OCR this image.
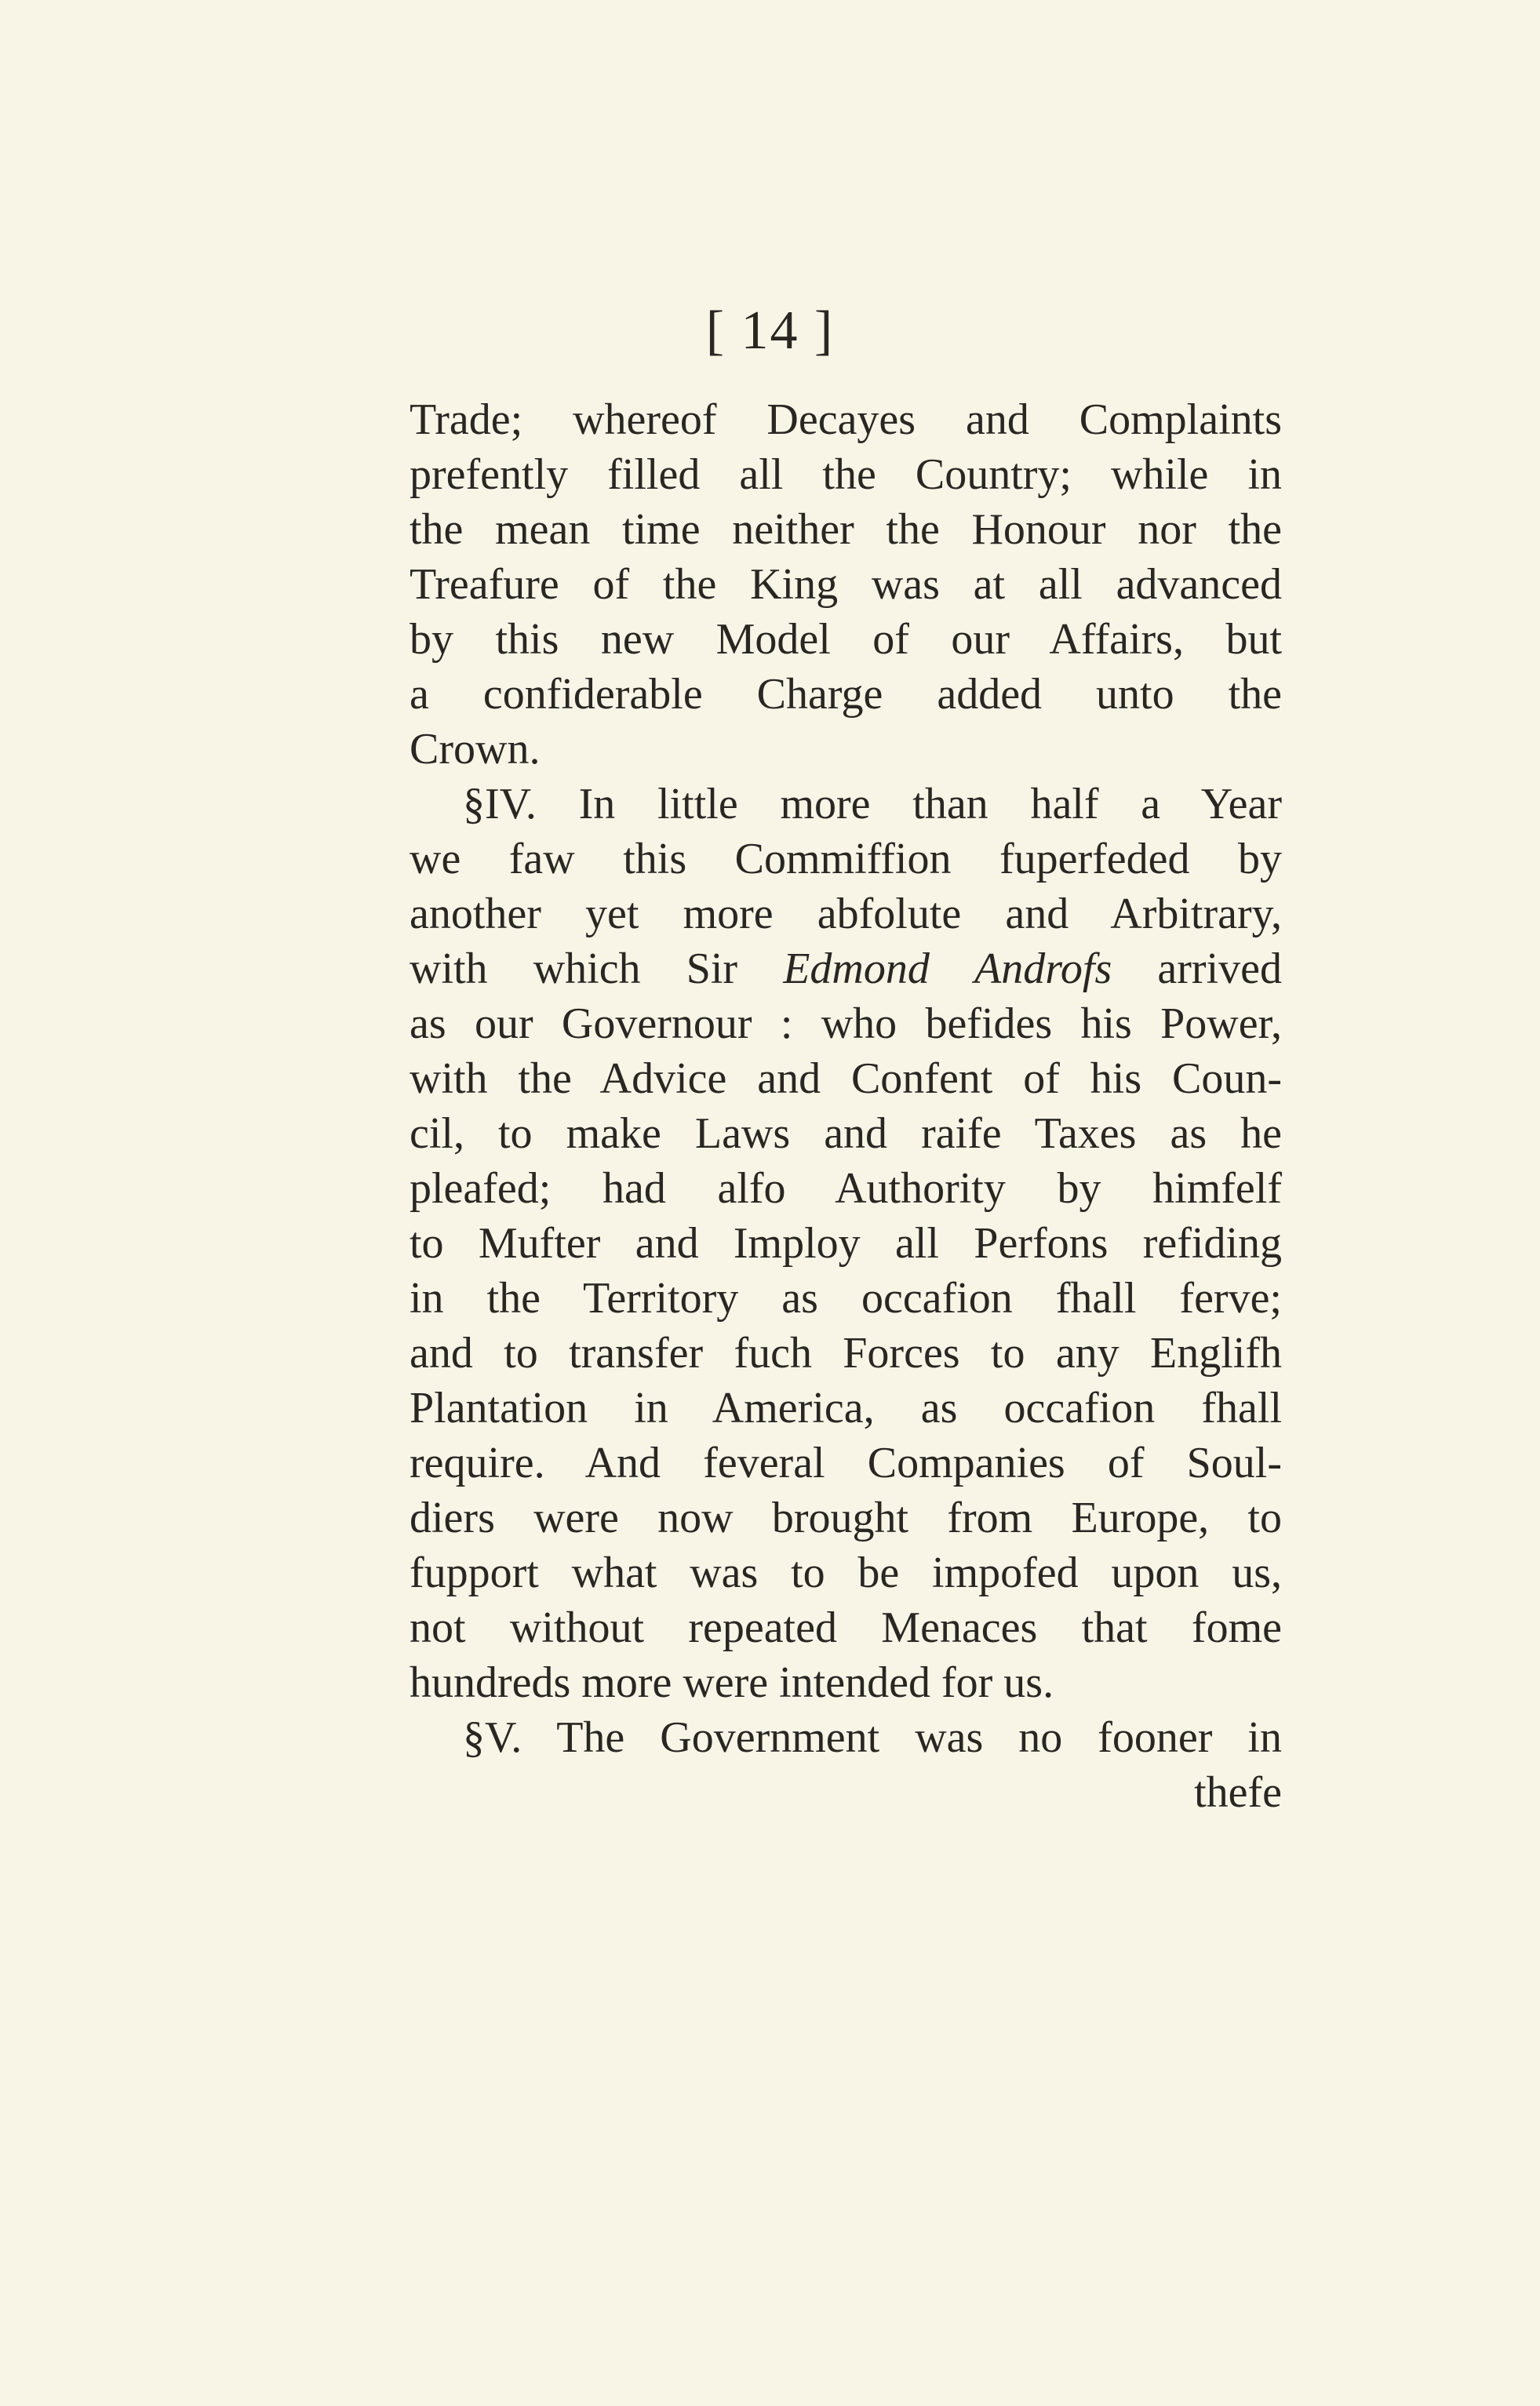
[ 14 ]
Trade; whereof Decayes and Complaints
prefently filled all the Country; while in
the mean time neither the Honour nor the
Treafure of the King was at all advanced
by this new Model of our Affairs, but
a confiderable Charge added unto the
Crown.
§IV. In little more than half a Year
we faw this Commiffion fuperfeded by
another yet more abfolute and Arbitrary,
with which Sir Edmond Androfs arrived
as our Governour : who befides his Power,
with the Advice and Confent of his Coun-
cil, to make Laws and raife Taxes as he
pleafed; had alfo Authority by himfelf
to Mufter and Imploy all Perfons refiding
in the Territory as occafion fhall ferve;
and to transfer fuch Forces to any Englifh
Plantation in America, as occafion fhall
require. And feveral Companies of Soul-
diers were now brought from Europe, to
fupport what was to be impofed upon us,
not without repeated Menaces that fome
hundreds more were intended for us.
§V. The Government was no fooner in
thefe
